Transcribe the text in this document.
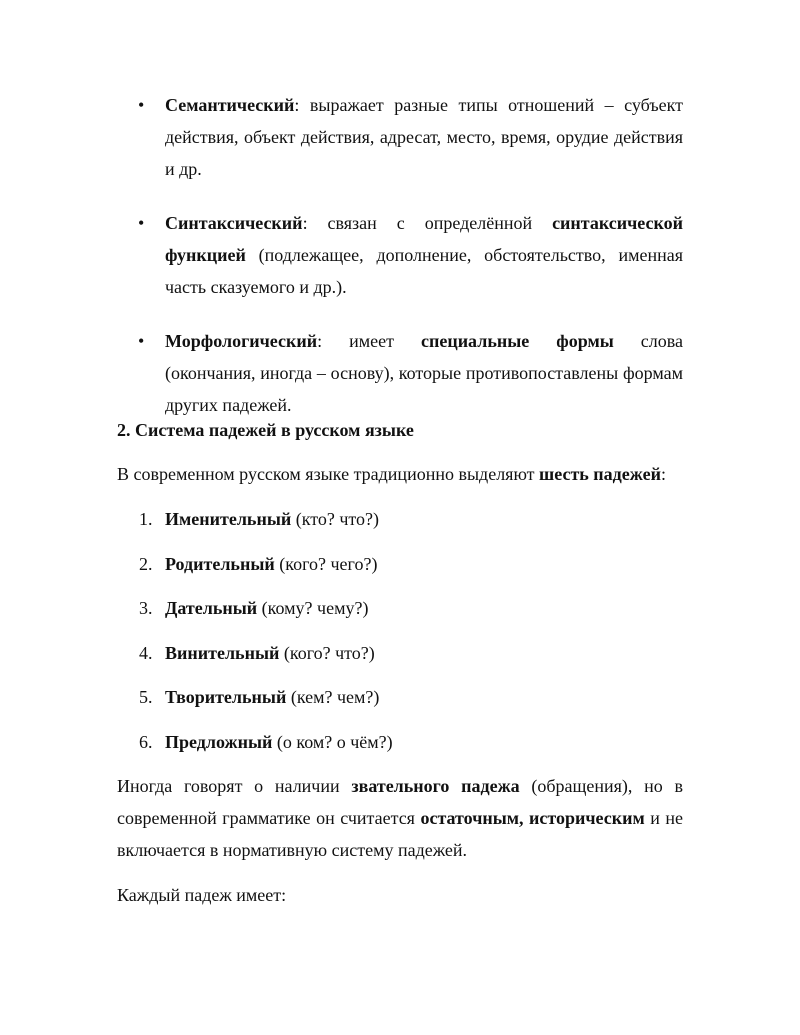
• Семантический: выражает разные типы отношений – субъект действия, объект действия, адресат, место, время, орудие действия и др.
• Синтаксический: связан с определённой синтаксической функцией (подлежащее, дополнение, обстоятельство, именная часть сказуемого и др.).
• Морфологический: имеет специальные формы слова (окончания, иногда – основу), которые противопоставлены формам других падежей.
2. Система падежей в русском языке
В современном русском языке традиционно выделяют шесть падежей:
1. Именительный (кто? что?)
2. Родительный (кого? чего?)
3. Дательный (кому? чему?)
4. Винительный (кого? что?)
5. Творительный (кем? чем?)
6. Предложный (о ком? о чём?)
Иногда говорят о наличии звательного падежа (обращения), но в современной грамматике он считается остаточным, историческим и не включается в нормативную систему падежей.
Каждый падеж имеет:
